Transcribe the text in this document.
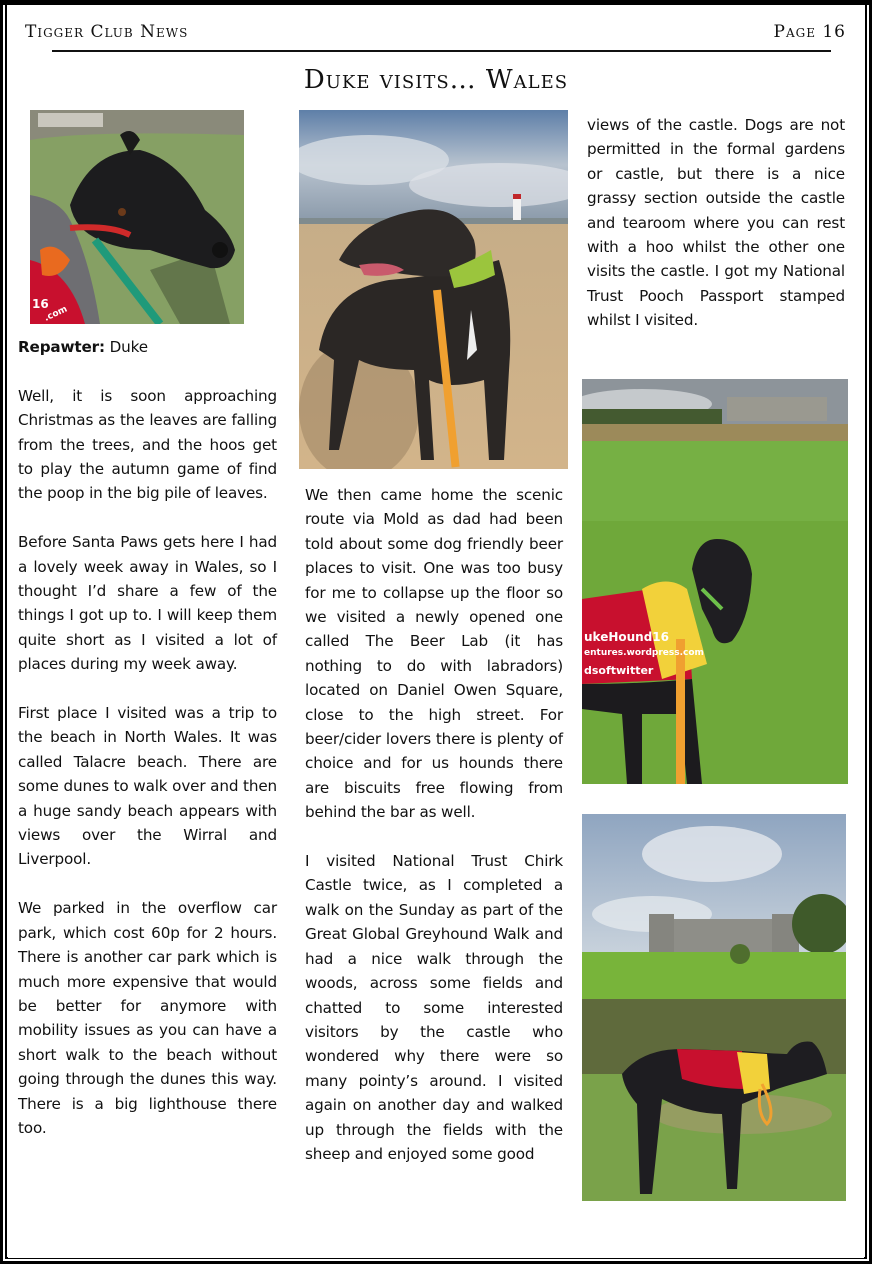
Tigger Club News	Page 16
Duke visits… Wales
16
.com

Repawter: Duke

Well, it is soon approaching Christmas as the leaves are falling from the trees, and the hoos get to play the autumn game of find the poop in the big pile of leaves.

Before Santa Paws gets here I had a lovely week away in Wales, so I thought I’d share a few of the things I got up to. I will keep them quite short as I visited a lot of places during my week away.

First place I visited was a trip to the beach in North Wales. It was called Talacre beach. There are some dunes to walk over and then a huge sandy beach appears with views over the Wirral and Liverpool.

We parked in the overflow car park, which cost 60p for 2 hours. There is another car park which is much more expensive that would be better for anymore with mobility issues as you can have a short walk to the beach without going through the dunes this way. There is a big lighthouse there too.

We then came home the scenic route via Mold as dad had been told about some dog friendly beer places to visit. One was too busy for me to collapse up the floor so we visited a newly opened one called The Beer Lab (it has nothing to do with labradors) located on Daniel Owen Square, close to the high street. For beer/cider lovers there is plenty of choice and for us hounds there are biscuits free flowing from behind the bar as well.

I visited National Trust Chirk Castle twice, as I completed a walk on the Sunday as part of the Great Global Greyhound Walk and had a nice walk through the woods, across some fields and chatted to some interested visitors by the castle who wondered why there were so many pointy’s around. I visited again on another day and walked up through the fields with the sheep and enjoyed some good

views of the castle. Dogs are not permitted in the formal gardens or castle, but there is a nice grassy section outside the castle and tearoom where you can rest with a hoo whilst the other one visits the castle. I got my National Trust Pooch Passport stamped whilst I visited.

ukeHound16
entures.wordpress.com
dsoftwitter
